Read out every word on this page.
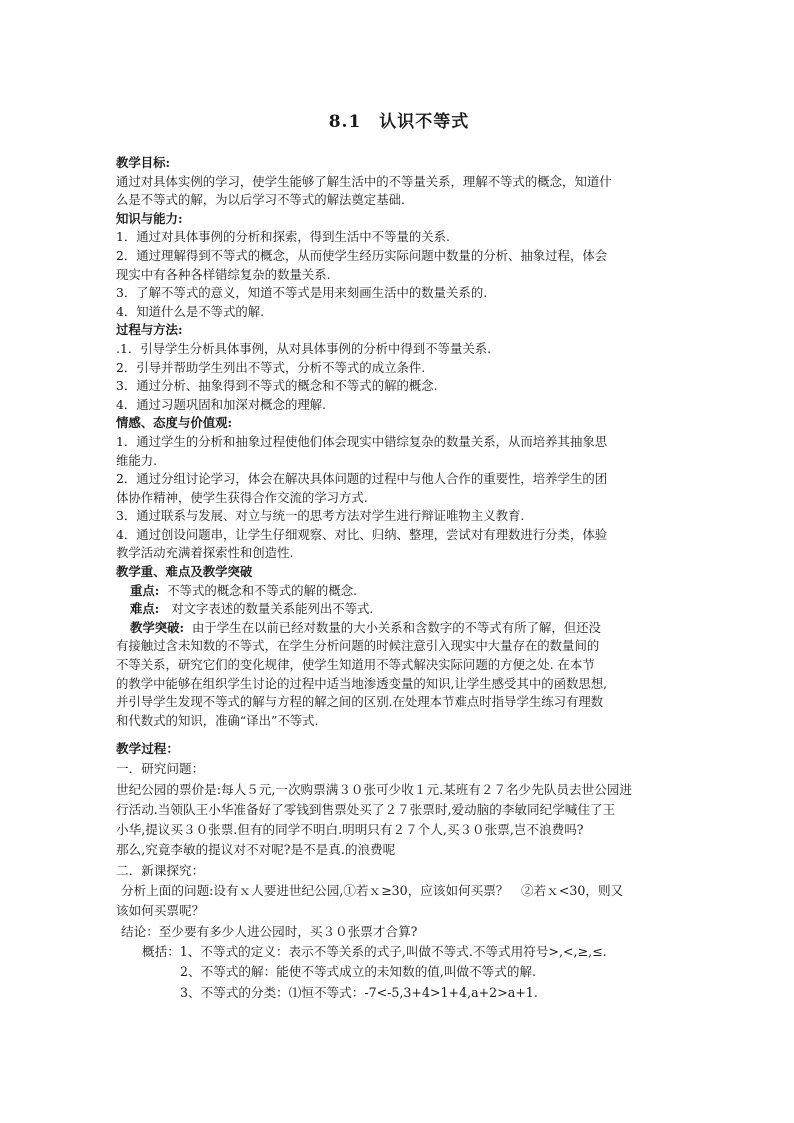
8.1　认识不等式
教学目标:
通过对具体实例的学习，使学生能够了解生活中的不等量关系，理解不等式的概念，知道什
么是不等式的解，为以后学习不等式的解法奠定基础.
知识与能力:
1．通过对具体事例的分析和探索，得到生活中不等量的关系.
2．通过理解得到不等式的概念，从而使学生经历实际问题中数量的分析、抽象过程，体会
现实中有各种各样错综复杂的数量关系.
3．了解不等式的意义，知道不等式是用来刻画生活中的数量关系的.
4．知道什么是不等式的解.
过程与方法:
.1．引导学生分析具体事例，从对具体事例的分析中得到不等量关系.
2．引导并帮助学生列出不等式，分析不等式的成立条件.
3．通过分析、抽象得到不等式的概念和不等式的解的概念.
4．通过习题巩固和加深对概念的理解.
情感、态度与价值观:
1．通过学生的分析和抽象过程使他们体会现实中错综复杂的数量关系，从而培养其抽象思
维能力.
2．通过分组讨论学习，体会在解决具体问题的过程中与他人合作的重要性，培养学生的团
体协作精神，使学生获得合作交流的学习方式.
3．通过联系与发展、对立与统一的思考方法对学生进行辩证唯物主义教育.
4．通过创设问题串，让学生仔细观察、对比、归纳、整理，尝试对有理数进行分类，体验
教学活动充满着探索性和创造性.
教学重、难点及教学突破
重点: 不等式的概念和不等式的解的概念.
难点: 对文字表述的数量关系能列出不等式.
教学突破: 由于学生在以前已经对数量的大小关系和含数字的不等式有所了解，但还没
有接触过含未知数的不等式，在学生分析问题的时候注意引入现实中大量存在的数量间的
不等关系，研究它们的变化规律，使学生知道用不等式解决实际问题的方便之处. 在本节
的教学中能够在组织学生讨论的过程中适当地渗透变量的知识,让学生感受其中的函数思想,
并引导学生发现不等式的解与方程的解之间的区别.在处理本节难点时指导学生练习有理数
和代数式的知识，准确“译出”不等式.
教学过程：
一．研究问题：
世纪公园的票价是:每人５元,一次购票满３０张可少收１元.某班有２７名少先队员去世公园进
行活动.当领队王小华准备好了零钱到售票处买了２７张票时,爱动脑的李敏同纪学喊住了王
小华,提议买３０张票.但有的同学不明白.明明只有２７个人,买３０张票,岂不浪费吗?
那么,究竟李敏的提议对不对呢?是不是真.的浪费呢
二．新课探究：
分析上面的问题:设有ｘ人要进世纪公园,①若ｘ≥30，应该如何买票？　②若ｘ<30，则又
该如何买票呢？
结论：至少要有多少人进公园时，买３０张票才合算?
概括：1、不等式的定义：表示不等关系的式子,叫做不等式.不等式用符号>,<,≥,≤.
2、不等式的解：能使不等式成立的未知数的值,叫做不等式的解.
3、不等式的分类：⑴恒不等式：-7<-5,3+4>1+4,a+2>a+1.
